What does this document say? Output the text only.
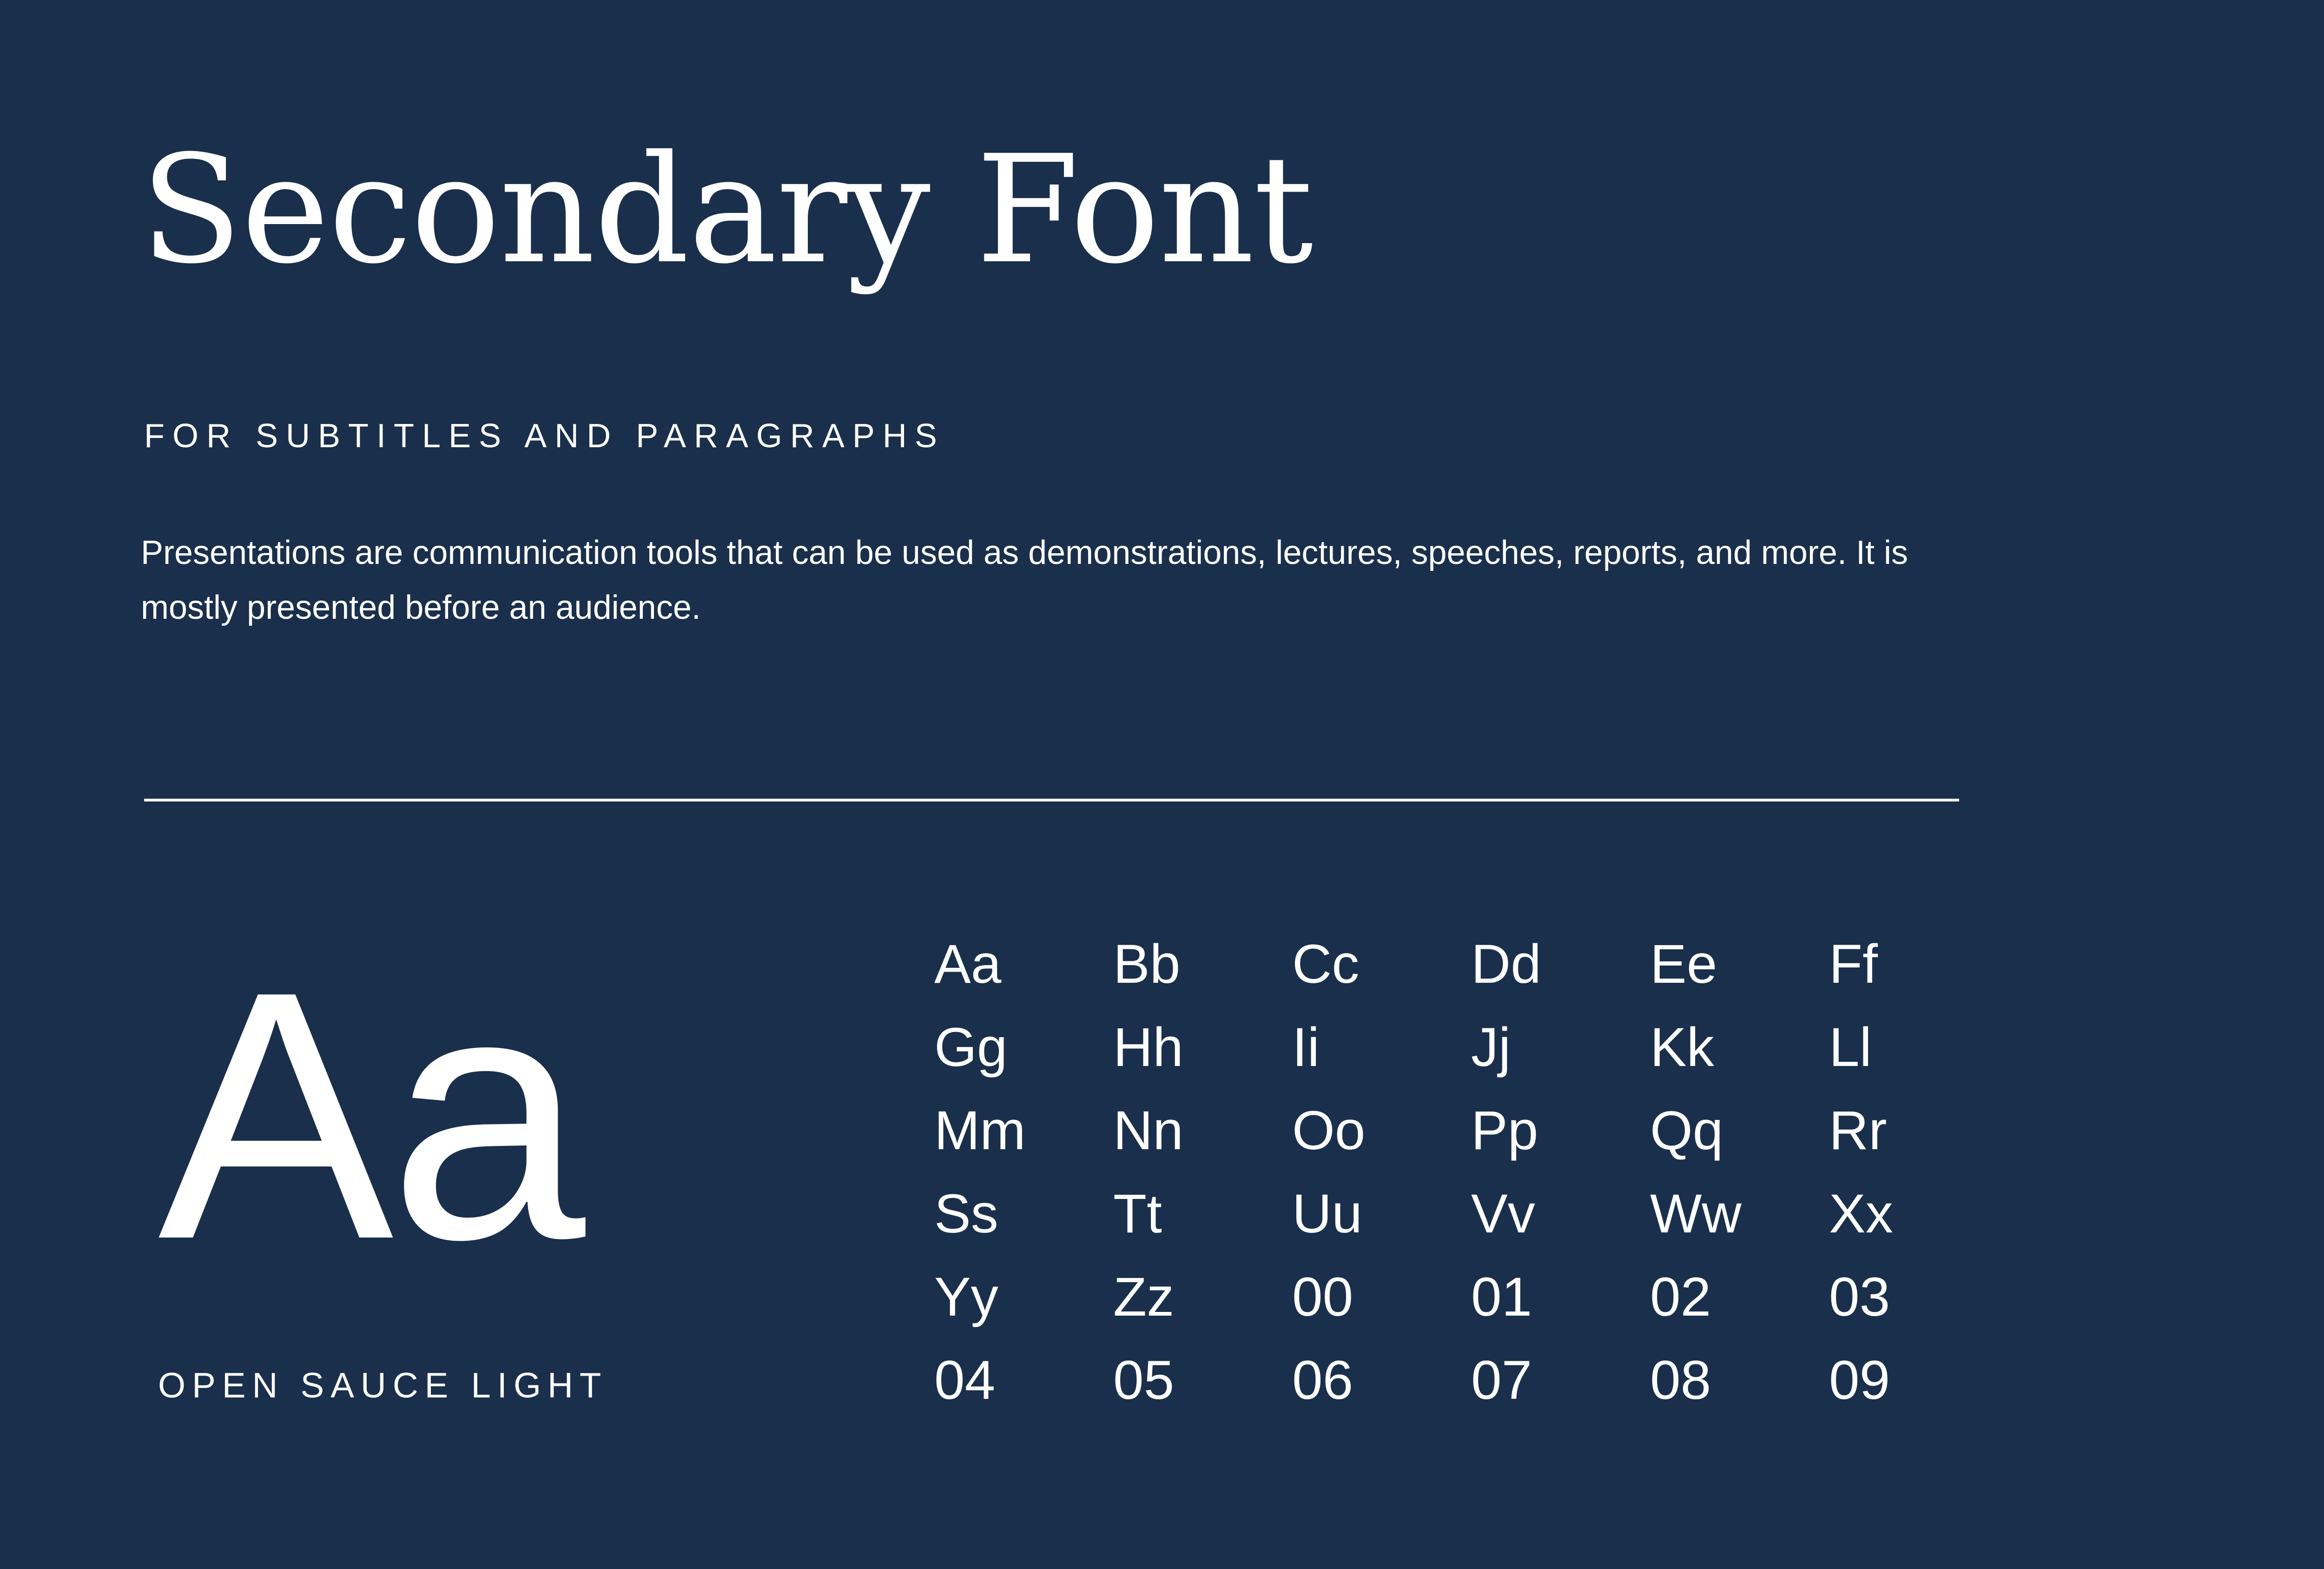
Secondary Font
FOR SUBTITLES AND PARAGRAPHS

Presentations are communication tools that can be used as demonstrations, lectures, speeches, reports, and more. It is mostly presented before an audience.

Aa
OPEN SAUCE LIGHT
Aa	Bb	Cc	Dd	Ee	Ff
Gg	Hh	Ii	Jj	Kk	Ll
Mm	Nn	Oo	Pp	Qq	Rr
Ss	Tt	Uu	Vv	Ww	Xx
Yy	Zz	00	01	02	03
04	05	06	07	08	09
